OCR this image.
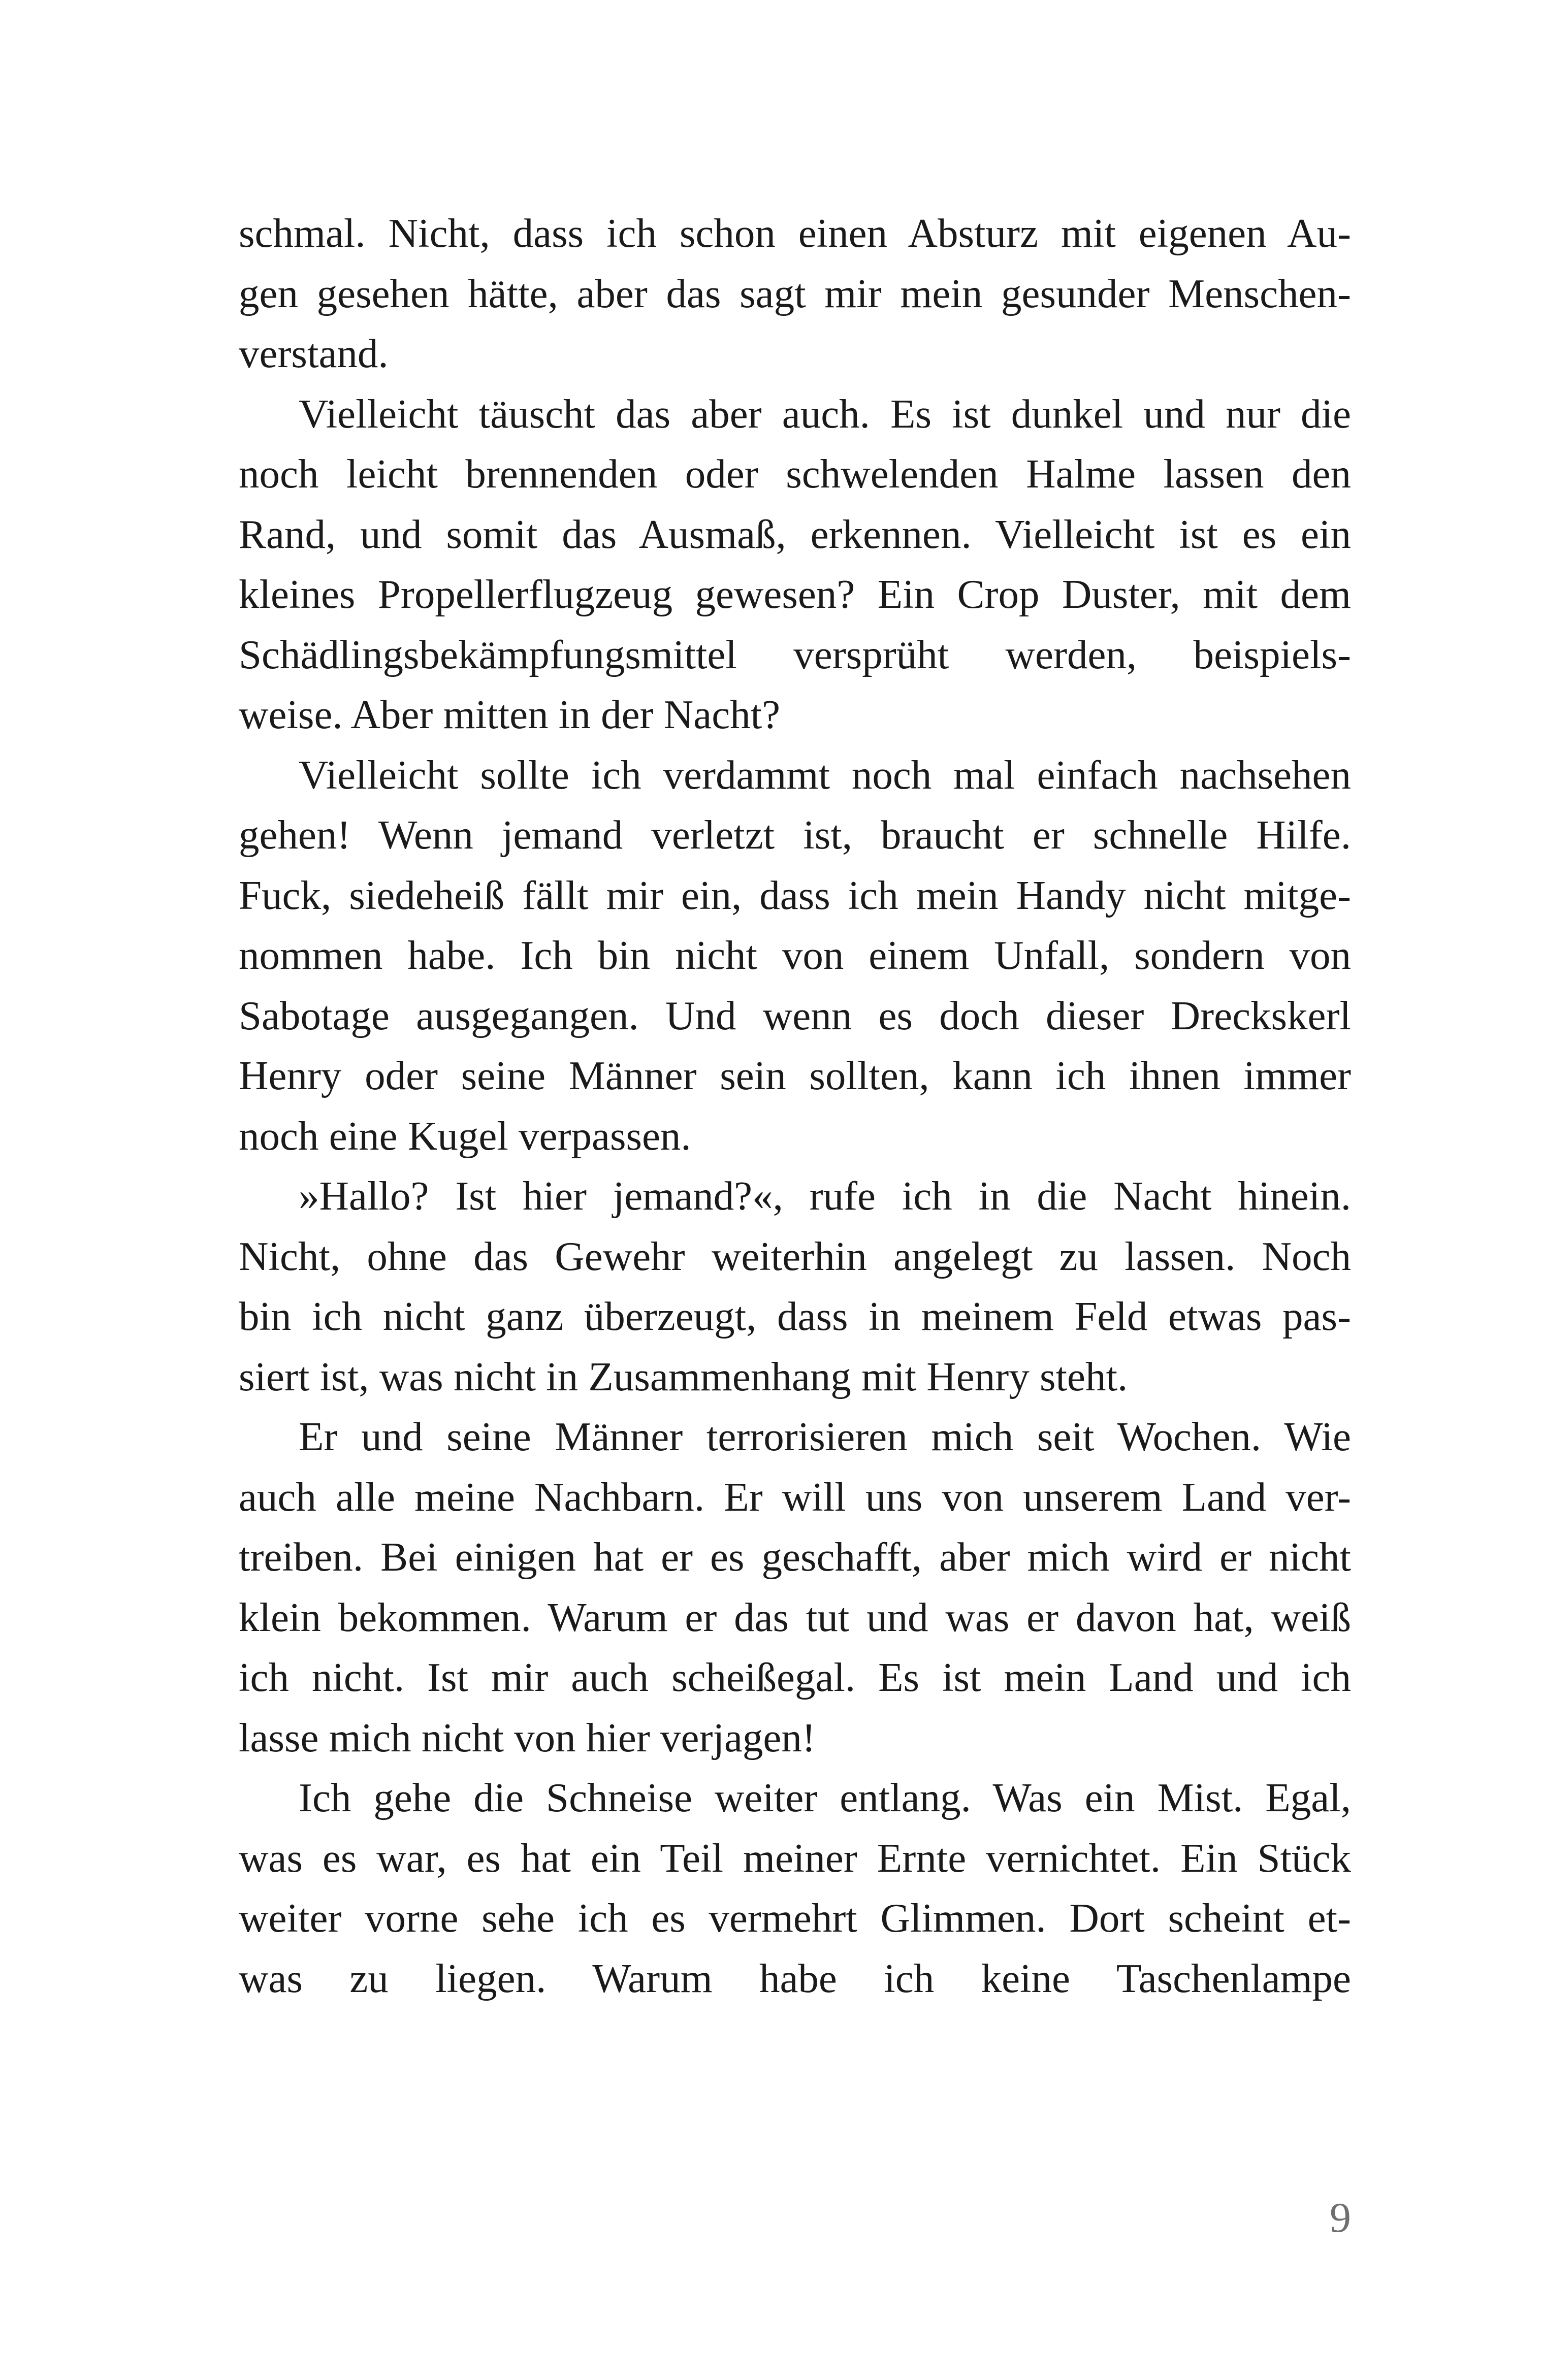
schmal. Nicht, dass ich schon einen Absturz mit eigenen Au-
gen gesehen hätte, aber das sagt mir mein gesunder Menschen-
verstand.
Vielleicht täuscht das aber auch. Es ist dunkel und nur die
noch leicht brennenden oder schwelenden Halme lassen den
Rand, und somit das Ausmaß, erkennen. Vielleicht ist es ein
kleines Propellerflugzeug gewesen? Ein Crop Duster, mit dem
Schädlingsbekämpfungsmittel versprüht werden, beispiels-
weise. Aber mitten in der Nacht?
Vielleicht sollte ich verdammt noch mal einfach nachsehen
gehen! Wenn jemand verletzt ist, braucht er schnelle Hilfe.
Fuck, siedeheiß fällt mir ein, dass ich mein Handy nicht mitge-
nommen habe. Ich bin nicht von einem Unfall, sondern von
Sabotage ausgegangen. Und wenn es doch dieser Dreckskerl
Henry oder seine Männer sein sollten, kann ich ihnen immer
noch eine Kugel verpassen.
»Hallo? Ist hier jemand?«, rufe ich in die Nacht hinein.
Nicht, ohne das Gewehr weiterhin angelegt zu lassen. Noch
bin ich nicht ganz überzeugt, dass in meinem Feld etwas pas-
siert ist, was nicht in Zusammenhang mit Henry steht.
Er und seine Männer terrorisieren mich seit Wochen. Wie
auch alle meine Nachbarn. Er will uns von unserem Land ver-
treiben. Bei einigen hat er es geschafft, aber mich wird er nicht
klein bekommen. Warum er das tut und was er davon hat, weiß
ich nicht. Ist mir auch scheißegal. Es ist mein Land und ich
lasse mich nicht von hier verjagen!
Ich gehe die Schneise weiter entlang. Was ein Mist. Egal,
was es war, es hat ein Teil meiner Ernte vernichtet. Ein Stück
weiter vorne sehe ich es vermehrt Glimmen. Dort scheint et-
was zu liegen. Warum habe ich keine Taschenlampe
9
